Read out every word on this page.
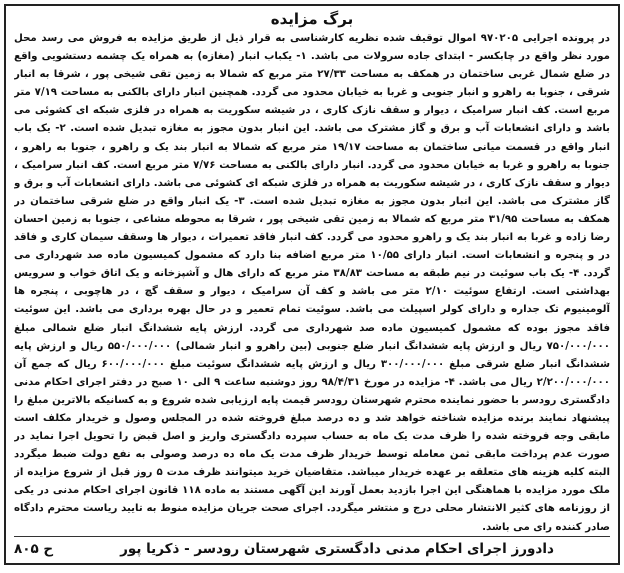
برگ مزایده

در پرونده اجرایی ۹۷۰۲۰۵ اموال توقیف شده نظریه کارشناسی به قرار ذیل از طریق مزایده به فروش می رسد محل مورد نظر واقع در چابکسر - ابتدای جاده سرولات می باشد. ۱- یکباب انبار (مغازه) به همراه یک چشمه دستشویی واقع در ضلع شمال غربی ساختمان در همکف به مساحت ۲۷/۳۳ متر مربع که شمالا به زمین تقی شیخی پور ، شرقا به انبار شرقی ، جنوبا به راهرو و انبار جنوبی و غربا به خیابان محدود می گردد. همچنین انبار دارای بالکنی به مساحت ۷/۱۹ متر مربع است. کف انبار سرامیک ، دیوار و سقف نازک کاری ، در شیشه سکوریت به همراه در فلزی شبکه ای کشوئی می باشد و دارای انشعابات آب و برق و گاز مشترک می باشد. این انبار بدون مجوز به مغازه تبدیل شده است. ۲- یک باب انبار واقع در قسمت میانی ساختمان به مساحت ۱۹/۱۷ متر مربع که شمالا به انبار بند یک و راهرو ، جنوبا به راهرو ، جنوبا به راهرو و غربا به خیابان محدود می گردد. انبار دارای بالکنی به مساحت ۷/۷۶ متر مربع است. کف انبار سرامیک ، دیوار و سقف نازک کاری ، در شیشه سکوریت به همراه در فلزی شبکه ای کشوئی می باشد. دارای انشعابات آب و برق و گاز مشترک می باشد. این انبار بدون مجوز به مغازه تبدیل شده است. ۳- یک انبار واقع در ضلع شرقی ساختمان در همکف به مساحت ۳۱/۹۵ متر مربع که شمالا به زمین تقی شیخی پور ، شرقا به محوطه مشاعی ، جنوبا به زمین احسان رضا زاده و غربا به انبار بند یک و راهرو محدود می گردد. کف انبار فاقد تعمیرات ، دیوار ها وسقف سیمان کاری و فاقد در و پنجره و انشعابات است. انبار دارای ۱۰/۵۵ متر مربع اضافه بنا دارد که مشمول کمیسیون ماده صد شهرداری می گردد. ۴- یک باب سوئیت در نیم طبقه به مساحت ۳۸/۸۳ متر مربع که دارای هال و آشپزخانه و یک اتاق خواب و سرویس بهداشتی است. ارتفاع سوئیت ۲/۱۰ متر می باشد و کف آن سرامیک ، دیوار و سقف گچ ، در هاچوبی ، پنجره ها آلومینیوم تک جداره و دارای کولر اسپیلت می باشد. سوئیت تمام تعمیر و در حال بهره برداری می باشد. این سوئیت فاقد مجوز بوده که مشمول کمیسیون ماده صد شهرداری می گردد. ارزش پایه ششدانگ انبار ضلع شمالی مبلغ ۷۵۰/۰۰۰/۰۰۰ ریال و ارزش پایه ششدانگ انبار ضلع جنوبی (بین راهرو و انبار شمالی) ۵۵۰/۰۰۰/۰۰۰ ریال و ارزش پایه ششدانگ انبار ضلع شرقی مبلغ ۳۰۰/۰۰۰/۰۰۰ ریال و ارزش پایه ششدانگ سوئیت مبلغ ۶۰۰/۰۰۰/۰۰۰ ریال که جمع آن ۲/۲۰۰/۰۰۰/۰۰۰ ریال می باشد. ۴- مزایده در مورخ ۹۸/۴/۳۱ روز دوشنبه ساعت ۹ الی ۱۰ صبح در دفتر اجرای احکام مدنی دادگستری رودسر با حضور نماینده محترم شهرستان رودسر قیمت پایه ارزیابی شده شروع و به کسانیکه بالاترین مبلغ را پیشنهاد نمایند برنده مزایده شناخته خواهد شد و ده درصد مبلغ فروخته شده در المجلس وصول و خریدار مکلف است مابقی وجه فروخته شده را ظرف مدت یک ماه به حساب سپرده دادگستری واریز و اصل قبض را تحویل اجرا نماید در صورت عدم پرداخت مابقی ثمن معامله توسط خریدار ظرف مدت یک ماه ده درصد وصولی به نفع دولت ضبط میگردد البته کلیه هزینه های متعلقه بر عهده خریدار میباشد. متقاضیان خرید میتوانند ظرف مدت ۵ روز قبل از شروع مزایده از ملک مورد مزایده با هماهنگی این اجرا بازدید بعمل آورند این آگهی مستند به ماده ۱۱۸ قانون اجرای احکام مدنی در یکی از روزنامه های کثیر الانتشار محلی درج و منتشر میگردد. اجرای صحت جریان مزایده منوط به تایید ریاست محترم دادگاه صادر کننده رای می باشد.

دادورز اجرای احکام مدنی دادگستری شهرستان رودسر - ذکریا پور
ح ۸۰۵
